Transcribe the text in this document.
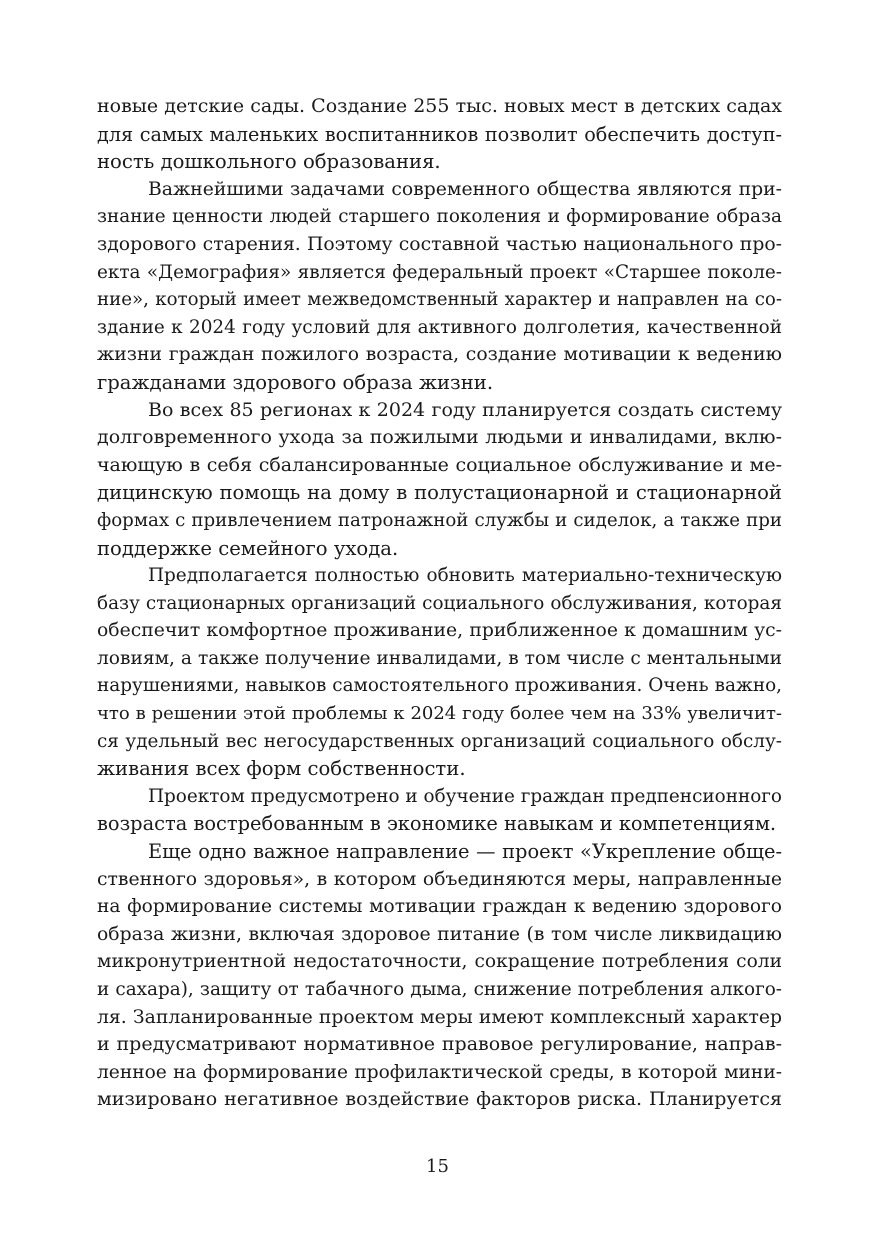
новые детские сады. Создание 255 тыс. новых мест в детских садах
для самых маленьких воспитанников позволит обеспечить доступ-
ность дошкольного образования.
Важнейшими задачами современного общества являются при-
знание ценности людей старшего поколения и формирование образа
здорового старения. Поэтому составной частью национального про-
екта «Демография» является федеральный проект «Старшее поколе-
ние», который имеет межведомственный характер и направлен на со-
здание к 2024 году условий для активного долголетия, качественной
жизни граждан пожилого возраста, создание мотивации к ведению
гражданами здорового образа жизни.
Во всех 85 регионах к 2024 году планируется создать систему
долговременного ухода за пожилыми людьми и инвалидами, вклю-
чающую в себя сбалансированные социальное обслуживание и ме-
дицинскую помощь на дому в полустационарной и стационарной
формах с привлечением патронажной службы и сиделок, а также при
поддержке семейного ухода.
Предполагается полностью обновить материально-техническую
базу стационарных организаций социального обслуживания, которая
обеспечит комфортное проживание, приближенное к домашним ус-
ловиям, а также получение инвалидами, в том числе с ментальными
нарушениями, навыков самостоятельного проживания. Очень важно,
что в решении этой проблемы к 2024 году более чем на 33% увеличит-
ся удельный вес негосударственных организаций социального обслу-
живания всех форм собственности.
Проектом предусмотрено и обучение граждан предпенсионного
возраста востребованным в экономике навыкам и компетенциям.
Еще одно важное направление — проект «Укрепление обще-
ственного здоровья», в котором объединяются меры, направленные
на формирование системы мотивации граждан к ведению здорового
образа жизни, включая здоровое питание (в том числе ликвидацию
микронутриентной недостаточности, сокращение потребления соли
и сахара), защиту от табачного дыма, снижение потребления алкого-
ля. Запланированные проектом меры имеют комплексный характер
и предусматривают нормативное правовое регулирование, направ-
ленное на формирование профилактической среды, в которой мини-
мизировано негативное воздействие факторов риска. Планируется
15
